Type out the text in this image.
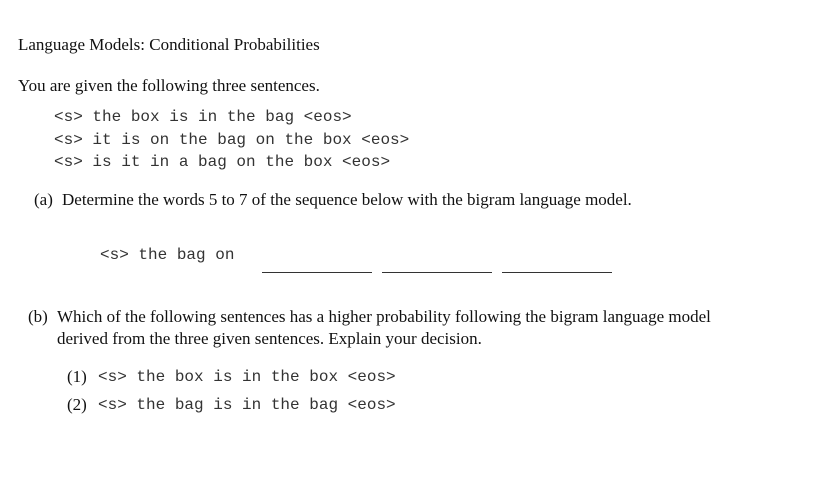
Language Models: Conditional Probabilities
You are given the following three sentences.
<s> the box is in the bag <eos>
<s> it is on the bag on the box <eos>
<s> is it in a bag on the box <eos>
(a) Determine the words 5 to 7 of the sequence below with the bigram language model.
<s> the bag on
(b) Which of the following sentences has a higher probability following the bigram language model
derived from the three given sentences. Explain your decision.
(1) <s> the box is in the box <eos>
(2) <s> the bag is in the bag <eos>
